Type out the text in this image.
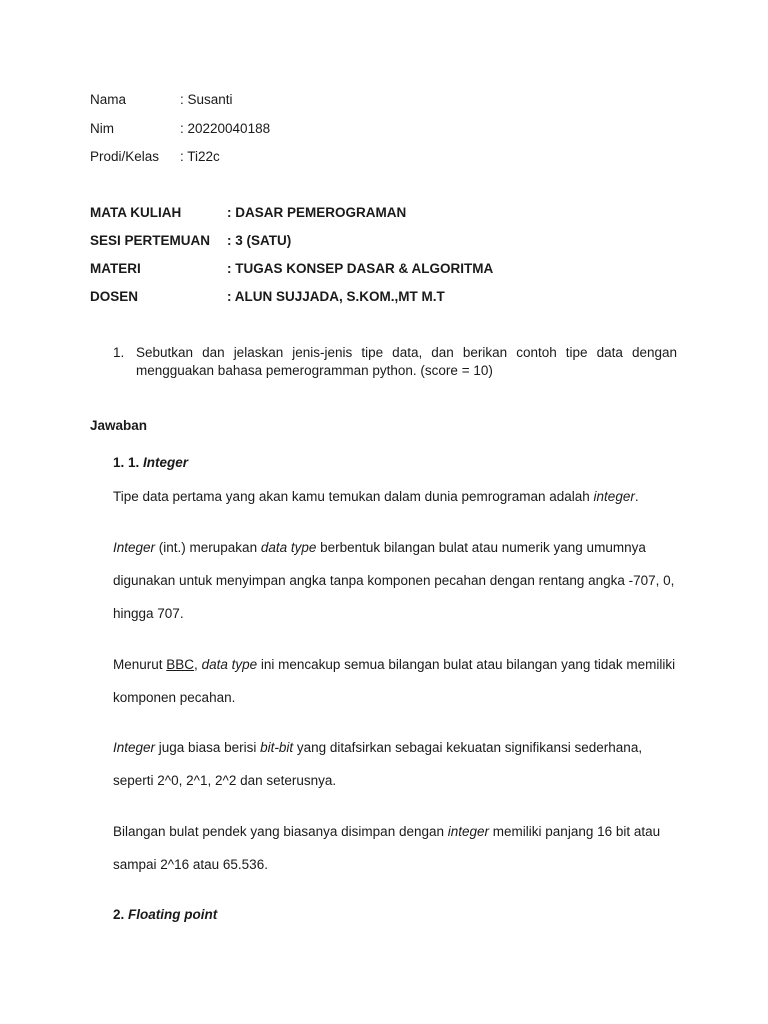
Nama	: Susanti
Nim	: 20220040188
Prodi/Kelas : Ti22c
MATA KULIAH	: DASAR PEMEROGRAMAN
SESI PERTEMUAN : 3 (SATU)
MATERI	: TUGAS KONSEP DASAR & ALGORITMA
DOSEN	: ALUN SUJJADA, S.KOM.,MT M.T
1. Sebutkan dan jelaskan jenis-jenis tipe data, dan berikan contoh tipe data dengan mengguakan bahasa pemerogramman python. (score = 10)
Jawaban
1. 1. Integer
Tipe data pertama yang akan kamu temukan dalam dunia pemrograman adalah integer.
Integer (int.) merupakan data type berbentuk bilangan bulat atau numerik yang umumnya digunakan untuk menyimpan angka tanpa komponen pecahan dengan rentang angka -707, 0, hingga 707.
Menurut BBC, data type ini mencakup semua bilangan bulat atau bilangan yang tidak memiliki komponen pecahan.
Integer juga biasa berisi bit-bit yang ditafsirkan sebagai kekuatan signifikansi sederhana, seperti 2^0, 2^1, 2^2 dan seterusnya.
Bilangan bulat pendek yang biasanya disimpan dengan integer memiliki panjang 16 bit atau sampai 2^16 atau 65.536.
2. Floating point
